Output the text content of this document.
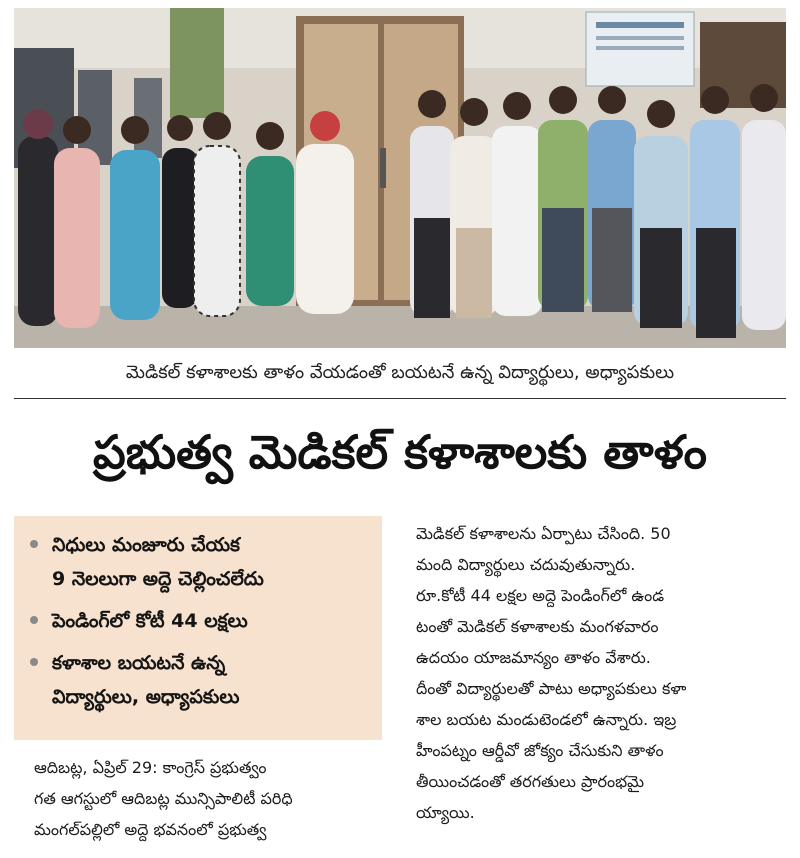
మెడికల్ కళాశాలకు తాళం వేయడంతో బయటనే ఉన్న విద్యార్థులు, అధ్యాపకులు
ప్రభుత్వ మెడికల్ కళాశాలకు తాళం
నిధులు మంజూరు చేయక
9 నెలలుగా అద్దె చెల్లించలేదు
పెండింగ్‌లో కోటీ 44 లక్షలు
కళాశాల బయటనే ఉన్న
విద్యార్థులు, అధ్యాపకులు
ఆదిబట్ల, ఏప్రిల్ 29: కాంగ్రెస్ ప్రభుత్వం
గత ఆగస్టులో ఆదిబట్ల మున్సిపాలిటీ పరిధి
మంగల్‌పల్లిలో అద్దె భవనంలో ప్రభుత్వ
మెడికల్ కళాశాలను ఏర్పాటు చేసింది. 50
మంది విద్యార్థులు చదువుతున్నారు.
రూ.కోటీ 44 లక్షల అద్దె పెండింగ్‌లో ఉండ
టంతో మెడికల్ కళాశాలకు మంగళవారం
ఉదయం యాజమాన్యం తాళం వేశారు.
దీంతో విద్యార్థులతో పాటు అధ్యాపకులు కళా
శాల బయట మండుటెండలో ఉన్నారు. ఇబ్ర
హీంపట్నం ఆర్డీవో జోక్యం చేసుకుని తాళం
తీయించడంతో తరగతులు ప్రారంభమై
య్యాయి.
